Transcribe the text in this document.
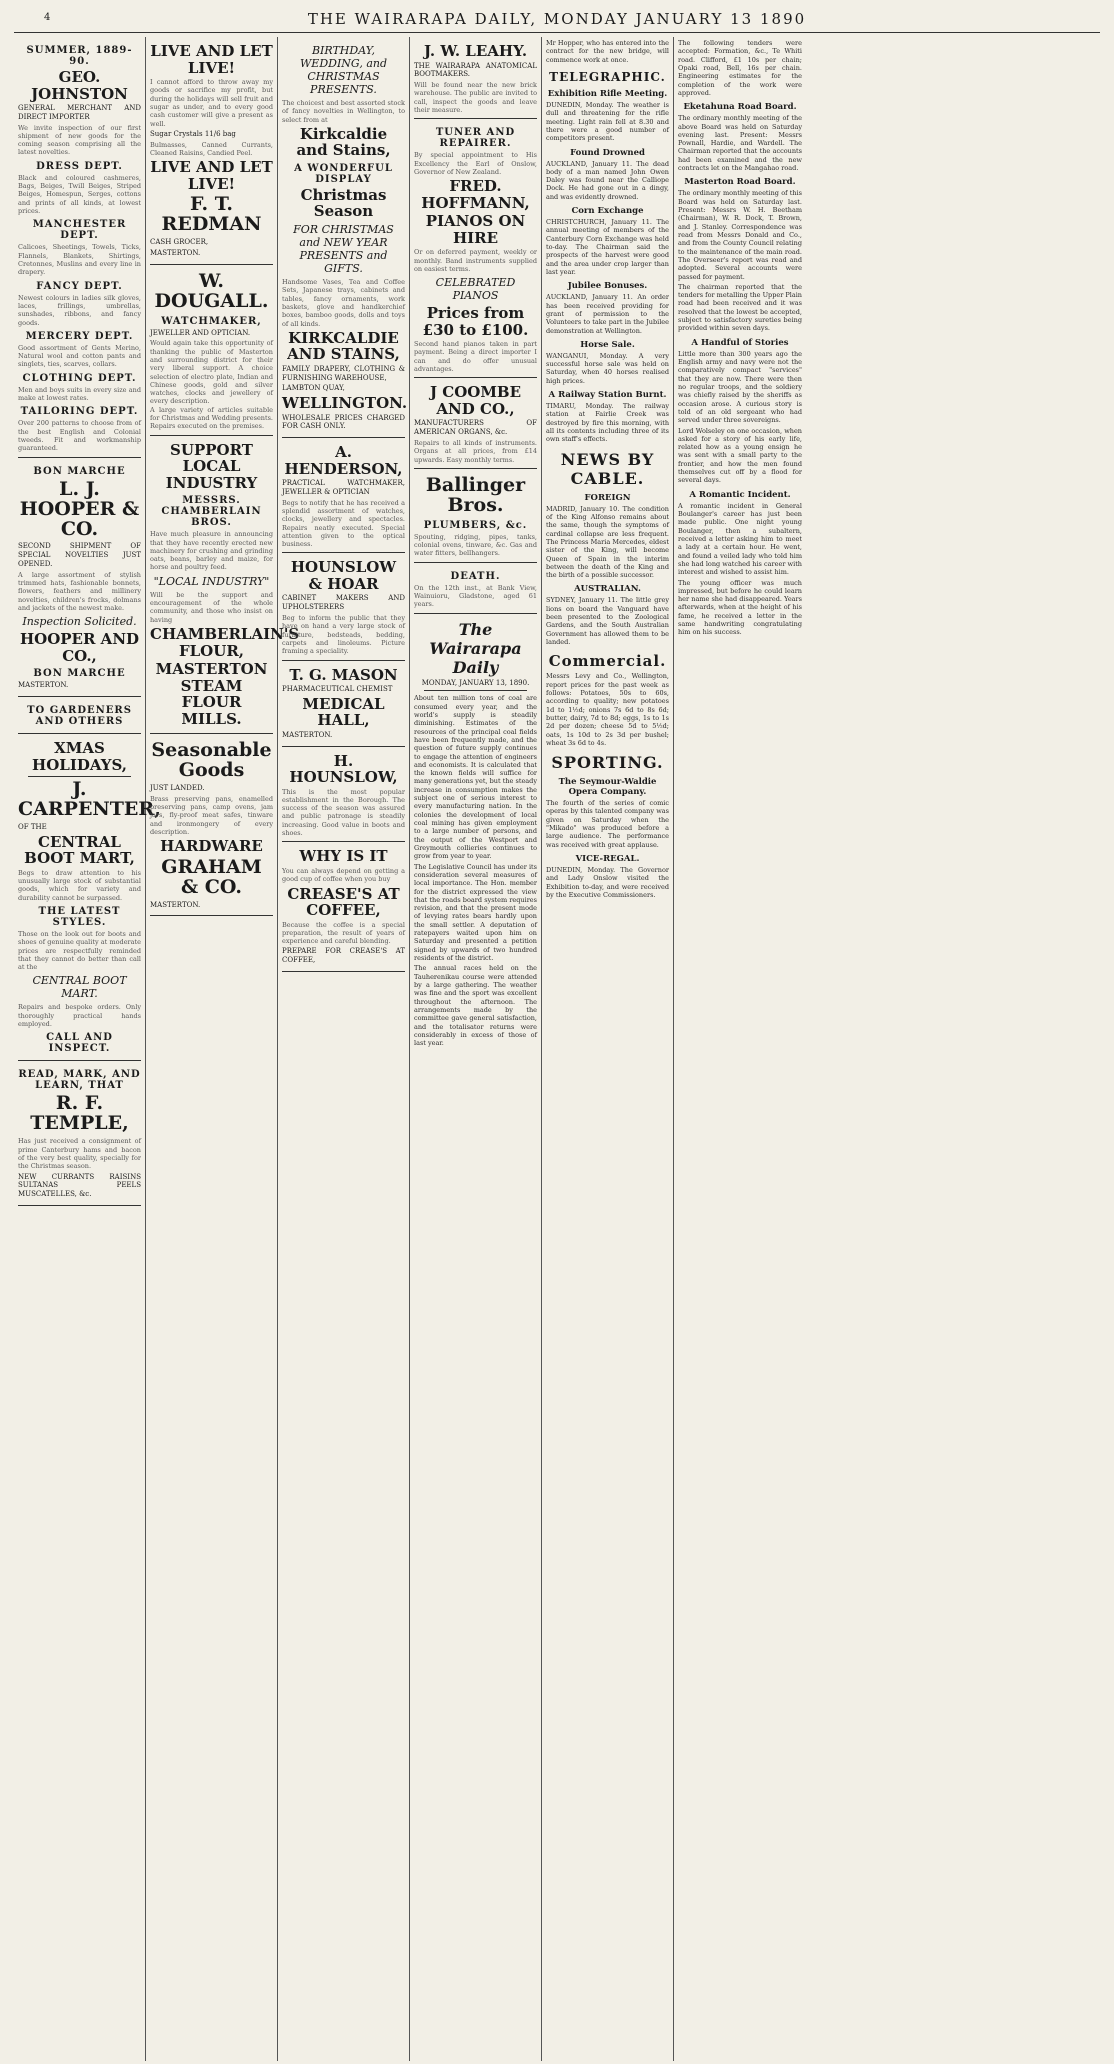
4	THE WAIRARAPA DAILY, MONDAY JANUARY 13 1890
SUMMER, 1889-90.
GEO. JOHNSTON
GENERAL MERCHANT AND DIRECT IMPORTER
We invite inspection of our first shipment of new goods for the coming season comprising all the latest novelties.
DRESS DEPT.
Black and coloured cashmeres, Bags, Beiges, Twill Beiges, Striped Beiges, Homespun, Serges, cottons and prints of all kinds, at lowest prices.
MANCHESTER DEPT.
Calicoes, Sheetings, Towels, Ticks, Flannels, Blankets, Shirtings, Cretonnes, Muslins and every line in drapery.
FANCY DEPT.
Newest colours in ladies silk gloves, laces, frillings, umbrellas, sunshades, ribbons, and fancy goods.
MERCERY DEPT.
Good assortment of Gents Merino, Natural wool and cotton pants and singlets, ties, scarves, collars.
CLOTHING DEPT.
Men and boys suits in every size and make at lowest rates.
TAILORING DEPT.
Over 200 patterns to choose from of the best English and Colonial tweeds. Fit and workmanship guaranteed.
BON MARCHE
L. J. HOOPER & CO.
SECOND SHIPMENT OF SPECIAL NOVELTIES JUST OPENED.
A large assortment of stylish trimmed hats, fashionable bonnets, flowers, feathers and millinery novelties, children's frocks, dolmans and jackets of the newest make.
Inspection Solicited.
HOOPER AND CO.,
BON MARCHE
MASTERTON.
TO GARDENERS AND OTHERS
XMAS HOLIDAYS,
J. CARPENTER,
OF THE
CENTRAL BOOT MART,
Begs to draw attention to his unusually large stock of substantial goods, which for variety and durability cannot be surpassed.
THE LATEST STYLES.
Those on the look out for boots and shoes of genuine quality at moderate prices are respectfully reminded that they cannot do better than call at the
CENTRAL BOOT MART.
Repairs and bespoke orders. Only thoroughly practical hands employed.
CALL AND INSPECT.
READ, MARK, AND LEARN, THAT
R. F. TEMPLE,
Has just received a consignment of prime Canterbury hams and bacon of the very best quality, specially for the Christmas season.
NEW CURRANTS RAISINS SULTANAS PEELS MUSCATELLES, &c.
LIVE AND LET LIVE!
I cannot afford to throw away my goods or sacrifice my profit, but during the holidays will sell fruit and sugar as under, and to every good cash customer will give a present as well.
Sugar Crystals 11/6 bag
Bulmasses, Canned Currants, Cleaned Raisins, Candied Peel.
LIVE AND LET LIVE!
F. T. REDMAN
CASH GROCER,
MASTERTON.
W. DOUGALL.
WATCHMAKER,
JEWELLER AND OPTICIAN.
Would again take this opportunity of thanking the public of Masterton and surrounding district for their very liberal support. A choice selection of electro plate, Indian and Chinese goods, gold and silver watches, clocks and jewellery of every description.
A large variety of articles suitable for Christmas and Wedding presents. Repairs executed on the premises.
SUPPORT LOCAL INDUSTRY
MESSRS. CHAMBERLAIN BROS.
Have much pleasure in announcing that they have recently erected new machinery for crushing and grinding oats, beans, barley and maize, for horse and poultry feed.
"LOCAL INDUSTRY"
Will be the support and encouragement of the whole community, and those who insist on having
CHAMBERLAIN'S FLOUR,
MASTERTON STEAM FLOUR MILLS.
Seasonable Goods
JUST LANDED.
Brass preserving pans, enamelled preserving pans, camp ovens, jam jars, fly-proof meat safes, tinware and ironmongery of every description.
HARDWARE
GRAHAM & CO.
MASTERTON.
BIRTHDAY, WEDDING, and CHRISTMAS PRESENTS.
The choicest and best assorted stock of fancy novelties in Wellington, to select from at
Kirkcaldie and Stains,
A WONDERFUL DISPLAY
Christmas Season
FOR CHRISTMAS and NEW YEAR PRESENTS and GIFTS.
Handsome Vases, Tea and Coffee Sets, Japanese trays, cabinets and tables, fancy ornaments, work baskets, glove and handkerchief boxes, bamboo goods, dolls and toys of all kinds.
KIRKCALDIE AND STAINS,
FAMILY DRAPERY, CLOTHING & FURNISHING WAREHOUSE,
LAMBTON QUAY,
WELLINGTON.
WHOLESALE PRICES CHARGED FOR CASH ONLY.
A. HENDERSON,
PRACTICAL WATCHMAKER, JEWELLER & OPTICIAN
Begs to notify that he has received a splendid assortment of watches, clocks, jewellery and spectacles. Repairs neatly executed. Special attention given to the optical business.
HOUNSLOW & HOAR
CABINET MAKERS AND UPHOLSTERERS
Beg to inform the public that they have on hand a very large stock of furniture, bedsteads, bedding, carpets and linoleums. Picture framing a speciality.
T. G. MASON
PHARMACEUTICAL CHEMIST
MEDICAL HALL,
MASTERTON.
H. HOUNSLOW,
This is the most popular establishment in the Borough. The success of the season was assured and public patronage is steadily increasing. Good value in boots and shoes.
WHY IS IT
You can always depend on getting a good cup of coffee when you buy
CREASE'S AT COFFEE,
Because the coffee is a special preparation, the result of years of experience and careful blending.
PREPARE FOR CREASE'S AT COFFEE,
J. W. LEAHY.
THE WAIRARAPA ANATOMICAL BOOTMAKERS.
Will be found near the new brick warehouse. The public are invited to call, inspect the goods and leave their measure.
TUNER AND REPAIRER.
By special appointment to His Excellency the Earl of Onslow, Governor of New Zealand.
FRED. HOFFMANN,
PIANOS ON HIRE
Or on deferred payment, weekly or monthly. Band instruments supplied on easiest terms.
CELEBRATED PIANOS
Prices from £30 to £100.
Second hand pianos taken in part payment. Being a direct importer I can and do offer unusual advantages.
J COOMBE AND CO.,
MANUFACTURERS OF AMERICAN ORGANS, &c.
Repairs to all kinds of instruments. Organs at all prices, from £14 upwards. Easy monthly terms.
Ballinger Bros.
PLUMBERS, &c.
Spouting, ridging, pipes, tanks, colonial ovens, tinware, &c. Gas and water fitters, bellhangers.
DEATH.
On the 12th inst., at Bank View, Wainuioru, Gladstone, aged 61 years.
The Wairarapa Daily
MONDAY, JANUARY 13, 1890.
About ten million tons of coal are consumed every year, and the world's supply is steadily diminishing. Estimates of the resources of the principal coal fields have been frequently made, and the question of future supply continues to engage the attention of engineers and economists. It is calculated that the known fields will suffice for many generations yet, but the steady increase in consumption makes the subject one of serious interest to every manufacturing nation. In the colonies the development of local coal mining has given employment to a large number of persons, and the output of the Westport and Greymouth collieries continues to grow from year to year.
The Legislative Council has under its consideration several measures of local importance. The Hon. member for the district expressed the view that the roads board system requires revision, and that the present mode of levying rates bears hardly upon the small settler. A deputation of ratepayers waited upon him on Saturday and presented a petition signed by upwards of two hundred residents of the district.
The annual races held on the Tauherenikau course were attended by a large gathering. The weather was fine and the sport was excellent throughout the afternoon. The arrangements made by the committee gave general satisfaction, and the totalisator returns were considerably in excess of those of last year.
Mr Hopper, who has entered into the contract for the new bridge, will commence work at once.
TELEGRAPHIC.
Exhibition Rifle Meeting.
DUNEDIN, Monday. The weather is dull and threatening for the rifle meeting. Light rain fell at 8.30 and there were a good number of competitors present.
Found Drowned
AUCKLAND, January 11. The dead body of a man named John Owen Daley was found near the Calliope Dock. He had gone out in a dingy, and was evidently drowned.
Corn Exchange
CHRISTCHURCH, January 11. The annual meeting of members of the Canterbury Corn Exchange was held to-day. The Chairman said the prospects of the harvest were good and the area under crop larger than last year.
Jubilee Bonuses.
AUCKLAND, January 11. An order has been received providing for grant of permission to the Volunteers to take part in the Jubilee demonstration at Wellington.
Horse Sale.
WANGANUI, Monday. A very successful horse sale was held on Saturday, when 40 horses realised high prices.
A Railway Station Burnt.
TIMARU, Monday. The railway station at Fairlie Creek was destroyed by fire this morning, with all its contents including three of its own staff's effects.
NEWS BY CABLE.
FOREIGN
MADRID, January 10. The condition of the King Alfonso remains about the same, though the symptoms of cardinal collapse are less frequent. The Princess Maria Mercedes, eldest sister of the King, will become Queen of Spain in the interim between the death of the King and the birth of a possible successor.
AUSTRALIAN.
SYDNEY, January 11. The little grey lions on board the Vanguard have been presented to the Zoological Gardens, and the South Australian Government has allowed them to be landed.
Commercial.
Messrs Levy and Co., Wellington, report prices for the past week as follows: Potatoes, 50s to 60s, according to quality; new potatoes 1d to 1½d; onions 7s 6d to 8s 6d; butter, dairy, 7d to 8d; eggs, 1s to 1s 2d per dozen; cheese 5d to 5½d; oats, 1s 10d to 2s 3d per bushel; wheat 3s 6d to 4s.
SPORTING.
The Seymour-Waldie Opera Company.
The fourth of the series of comic operas by this talented company was given on Saturday when the "Mikado" was produced before a large audience. The performance was received with great applause.
VICE-REGAL.
DUNEDIN, Monday. The Governor and Lady Onslow visited the Exhibition to-day, and were received by the Executive Commissioners.
The following tenders were accepted: Formation, &c., Te Whiti road. Clifford, £1 10s per chain; Opaki road, Bell, 16s per chain. Engineering estimates for the completion of the work were approved.
Eketahuna Road Board.
The ordinary monthly meeting of the above Board was held on Saturday evening last. Present: Messrs Pownall, Hardie, and Wardell. The Chairman reported that the accounts had been examined and the new contracts let on the Mangahao road.
Masterton Road Board.
The ordinary monthly meeting of this Board was held on Saturday last. Present: Messrs W. H. Beetham (Chairman), W. R. Dock, T. Brown, and J. Stanley. Correspondence was read from Messrs Donald and Co., and from the County Council relating to the maintenance of the main road. The Overseer's report was read and adopted. Several accounts were passed for payment.
The chairman reported that the tenders for metalling the Upper Plain road had been received and it was resolved that the lowest be accepted, subject to satisfactory sureties being provided within seven days.
A Handful of Stories
Little more than 300 years ago the English army and navy were not the comparatively compact "services" that they are now. There were then no regular troops, and the soldiery was chiefly raised by the sheriffs as occasion arose. A curious story is told of an old sergeant who had served under three sovereigns.
Lord Wolseley on one occasion, when asked for a story of his early life, related how as a young ensign he was sent with a small party to the frontier, and how the men found themselves cut off by a flood for several days.
A Romantic Incident.
A romantic incident in General Boulanger's career has just been made public. One night young Boulanger, then a subaltern, received a letter asking him to meet a lady at a certain hour. He went, and found a veiled lady who told him she had long watched his career with interest and wished to assist him.
The young officer was much impressed, but before he could learn her name she had disappeared. Years afterwards, when at the height of his fame, he received a letter in the same handwriting congratulating him on his success.
